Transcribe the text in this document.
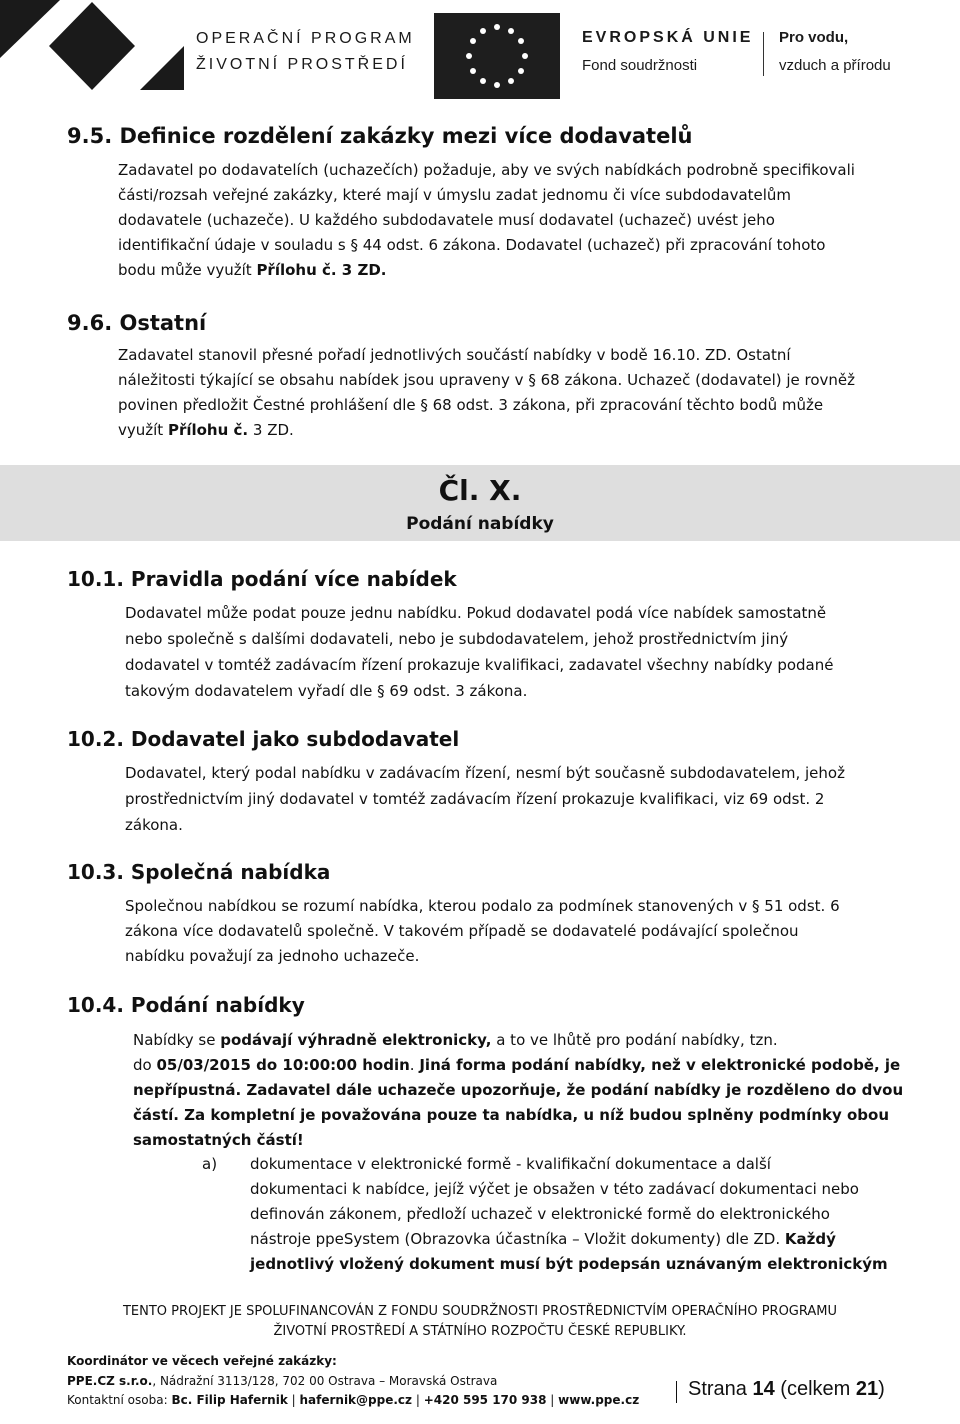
OPERAČNÍ PROGRAM
ŽIVOTNÍ PROSTŘEDÍ
EVROPSKÁ UNIE
Fond soudržnosti
Pro vodu,
vzduch a přírodu
9.5. Definice rozdělení zakázky mezi více dodavatelů
Zadavatel po dodavatelích (uchazečích) požaduje, aby ve svých nabídkách podrobně specifikovali
části/rozsah veřejné zakázky, které mají v úmyslu zadat jednomu či více subdodavatelům
dodavatele (uchazeče). U každého subdodavatele musí dodavatel (uchazeč) uvést jeho
identifikační údaje v souladu s § 44 odst. 6 zákona. Dodavatel (uchazeč) při zpracování tohoto
bodu může využít Přílohu č. 3 ZD.
9.6. Ostatní
Zadavatel stanovil přesné pořadí jednotlivých součástí nabídky v bodě 16.10. ZD. Ostatní
náležitosti týkající se obsahu nabídek jsou upraveny v § 68 zákona. Uchazeč (dodavatel) je rovněž
povinen předložit Čestné prohlášení dle § 68 odst. 3 zákona, při zpracování těchto bodů může
využít Přílohu č. 3 ZD.
Čl. X.
Podání nabídky
10.1. Pravidla podání více nabídek
Dodavatel může podat pouze jednu nabídku. Pokud dodavatel podá více nabídek samostatně
nebo společně s dalšími dodavateli, nebo je subdodavatelem, jehož prostřednictvím jiný
dodavatel v tomtéž zadávacím řízení prokazuje kvalifikaci, zadavatel všechny nabídky podané
takovým dodavatelem vyřadí dle § 69 odst. 3 zákona.
10.2. Dodavatel jako subdodavatel
Dodavatel, který podal nabídku v zadávacím řízení, nesmí být současně subdodavatelem, jehož
prostřednictvím jiný dodavatel v tomtéž zadávacím řízení prokazuje kvalifikaci, viz 69 odst. 2
zákona.
10.3. Společná nabídka
Společnou nabídkou se rozumí nabídka, kterou podalo za podmínek stanovených v § 51 odst. 6
zákona více dodavatelů společně. V takovém případě se dodavatelé podávající společnou
nabídku považují za jednoho uchazeče.
10.4. Podání nabídky
Nabídky se podávají výhradně elektronicky, a to ve lhůtě pro podání nabídky, tzn.
do 05/03/2015 do 10:00:00 hodin. Jiná forma podání nabídky, než v elektronické podobě, je
nepřípustná. Zadavatel dále uchazeče upozorňuje, že podání nabídky je rozděleno do dvou
částí. Za kompletní je považována pouze ta nabídka, u níž budou splněny podmínky obou
samostatných částí!
a) dokumentace v elektronické formě - kvalifikační dokumentace a další
dokumentaci k nabídce, jejíž výčet je obsažen v této zadávací dokumentaci nebo
definován zákonem, předloží uchazeč v elektronické formě do elektronického
nástroje ppeSystem (Obrazovka účastníka – Vložit dokumenty) dle ZD. Každý
jednotlivý vložený dokument musí být podepsán uznávaným elektronickým
TENTO PROJEKT JE SPOLUFINANCOVÁN Z FONDU SOUDRŽNOSTI PROSTŘEDNICTVÍM OPERAČNÍHO PROGRAMU
ŽIVOTNÍ PROSTŘEDÍ A STÁTNÍHO ROZPOČTU ČESKÉ REPUBLIKY.
Koordinátor ve věcech veřejné zakázky:
PPE.CZ s.r.o., Nádražní 3113/128, 702 00 Ostrava – Moravská Ostrava
Kontaktní osoba: Bc. Filip Hafernik | hafernik@ppe.cz | +420 595 170 938 | www.ppe.cz Strana 14 (celkem 21)
